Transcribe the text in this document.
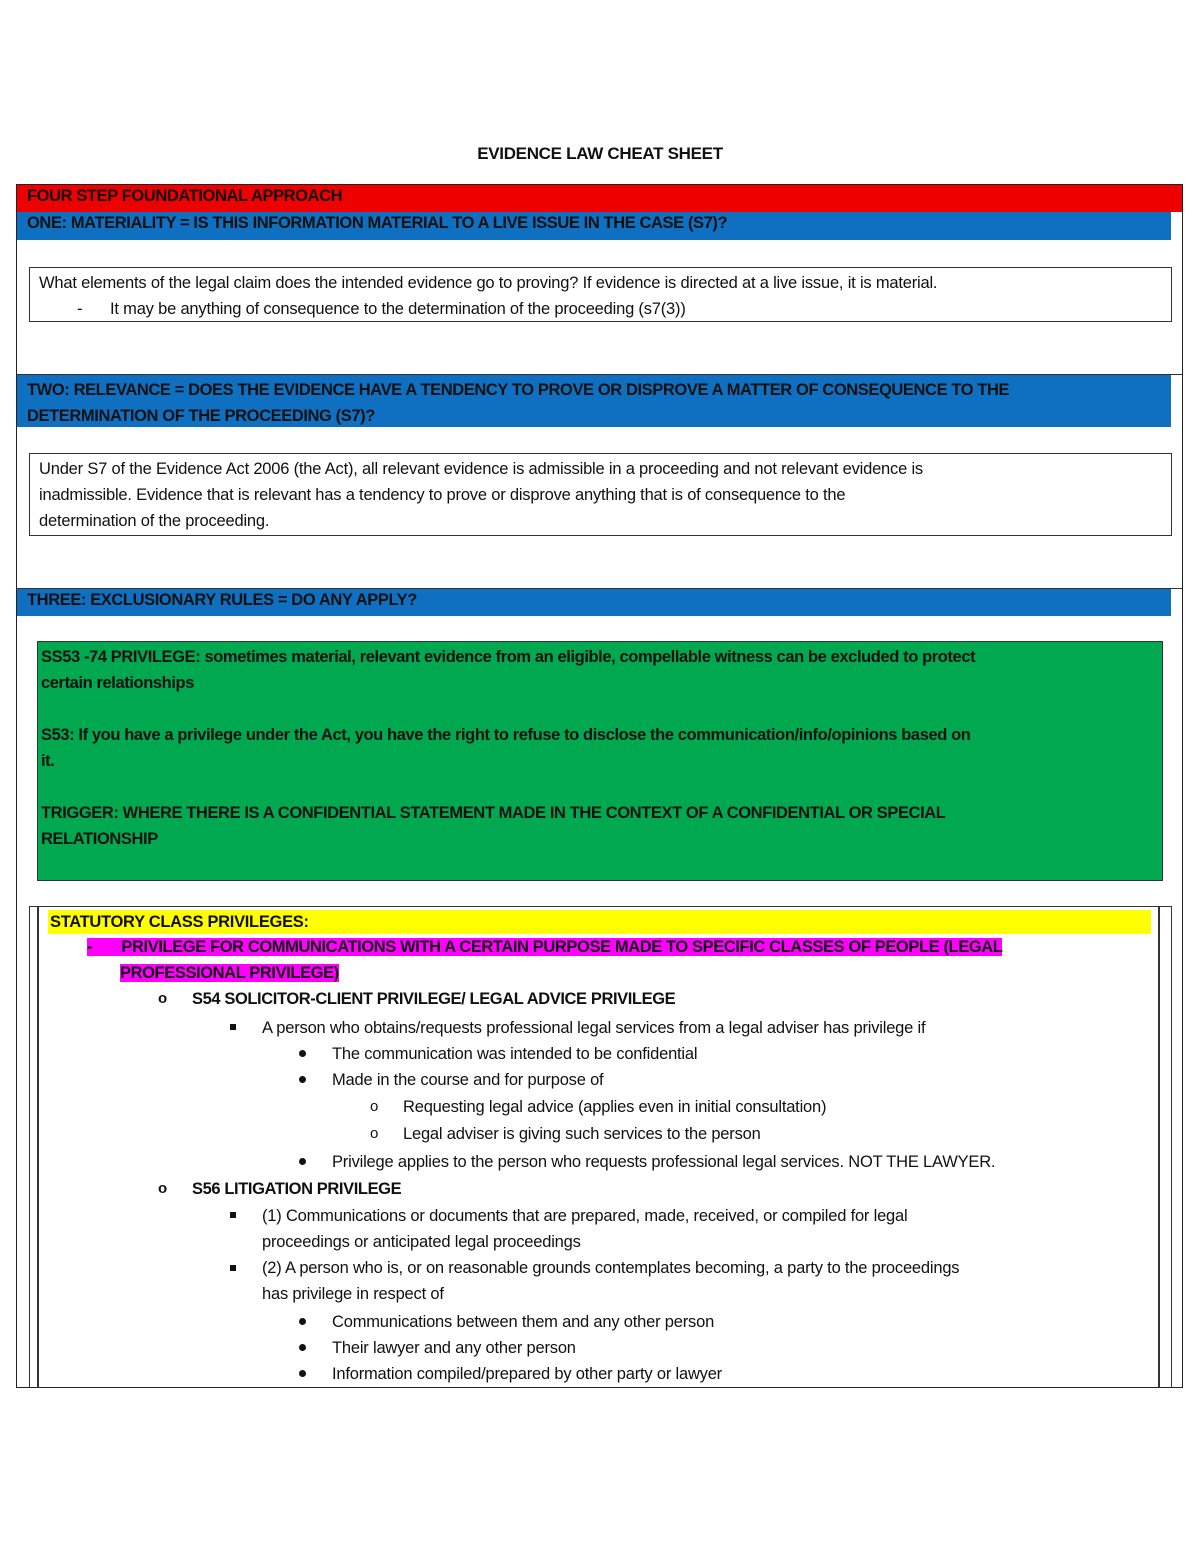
EVIDENCE LAW CHEAT SHEET
FOUR STEP FOUNDATIONAL APPROACH
ONE: MATERIALITY = IS THIS INFORMATION MATERIAL TO A LIVE ISSUE IN THE CASE (S7)?
What elements of the legal claim does the intended evidence go to proving? If evidence is directed at a live issue, it is material.
- It may be anything of consequence to the determination of the proceeding (s7(3))
TWO: RELEVANCE = DOES THE EVIDENCE HAVE A TENDENCY TO PROVE OR DISPROVE A MATTER OF CONSEQUENCE TO THE
DETERMINATION OF THE PROCEEDING (S7)?
Under S7 of the Evidence Act 2006 (the Act), all relevant evidence is admissible in a proceeding and not relevant evidence is
inadmissible. Evidence that is relevant has a tendency to prove or disprove anything that is of consequence to the
determination of the proceeding.
THREE: EXCLUSIONARY RULES = DO ANY APPLY?

SS53 -74 PRIVILEGE: sometimes material, relevant evidence from an eligible, compellable witness can be excluded to protect
certain relationships

S53: If you have a privilege under the Act, you have the right to refuse to disclose the communication/info/opinions based on
it.

TRIGGER: WHERE THERE IS A CONFIDENTIAL STATEMENT MADE IN THE CONTEXT OF A CONFIDENTIAL OR SPECIAL
RELATIONSHIP

STATUTORY CLASS PRIVILEGES:
- PRIVILEGE FOR COMMUNICATIONS WITH A CERTAIN PURPOSE MADE TO SPECIFIC CLASSES OF PEOPLE (LEGAL
PROFESSIONAL PRIVILEGE)
o S54 SOLICITOR-CLIENT PRIVILEGE/ LEGAL ADVICE PRIVILEGE
A person who obtains/requests professional legal services from a legal adviser has privilege if
The communication was intended to be confidential
Made in the course and for purpose of
o Requesting legal advice (applies even in initial consultation)
o Legal adviser is giving such services to the person
Privilege applies to the person who requests professional legal services. NOT THE LAWYER.
o S56 LITIGATION PRIVILEGE
(1) Communications or documents that are prepared, made, received, or compiled for legal
proceedings or anticipated legal proceedings
(2) A person who is, or on reasonable grounds contemplates becoming, a party to the proceedings
has privilege in respect of
Communications between them and any other person
Their lawyer and any other person
Information compiled/prepared by other party or lawyer
